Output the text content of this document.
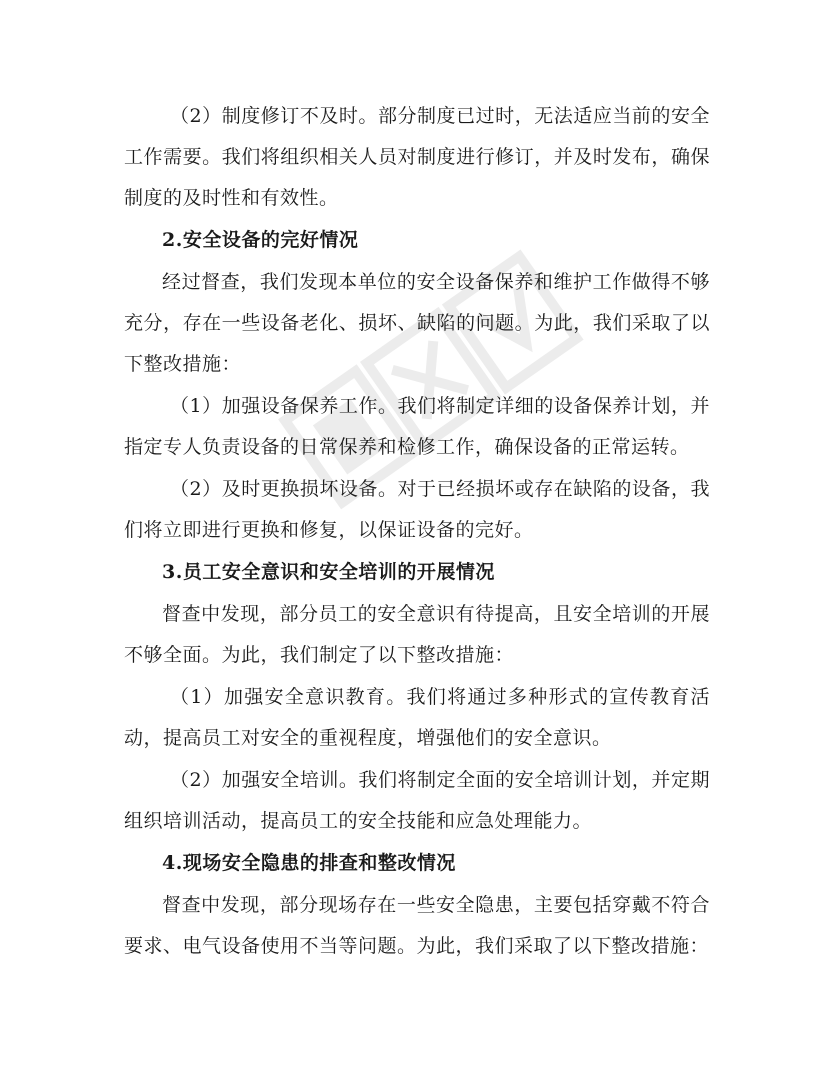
（2）制度修订不及时。部分制度已过时，无法适应当前的安全工作需要。我们将组织相关人员对制度进行修订，并及时发布，确保制度的及时性和有效性。

2.安全设备的完好情况

经过督查，我们发现本单位的安全设备保养和维护工作做得不够充分，存在一些设备老化、损坏、缺陷的问题。为此，我们采取了以下整改措施：

（1）加强设备保养工作。我们将制定详细的设备保养计划，并指定专人负责设备的日常保养和检修工作，确保设备的正常运转。

（2）及时更换损坏设备。对于已经损坏或存在缺陷的设备，我们将立即进行更换和修复，以保证设备的完好。

3.员工安全意识和安全培训的开展情况

督查中发现，部分员工的安全意识有待提高，且安全培训的开展不够全面。为此，我们制定了以下整改措施：

（1）加强安全意识教育。我们将通过多种形式的宣传教育活动，提高员工对安全的重视程度，增强他们的安全意识。

（2）加强安全培训。我们将制定全面的安全培训计划，并定期组织培训活动，提高员工的安全技能和应急处理能力。

4.现场安全隐患的排查和整改情况

督查中发现，部分现场存在一些安全隐患，主要包括穿戴不符合要求、电气设备使用不当等问题。为此，我们采取了以下整改措施：
